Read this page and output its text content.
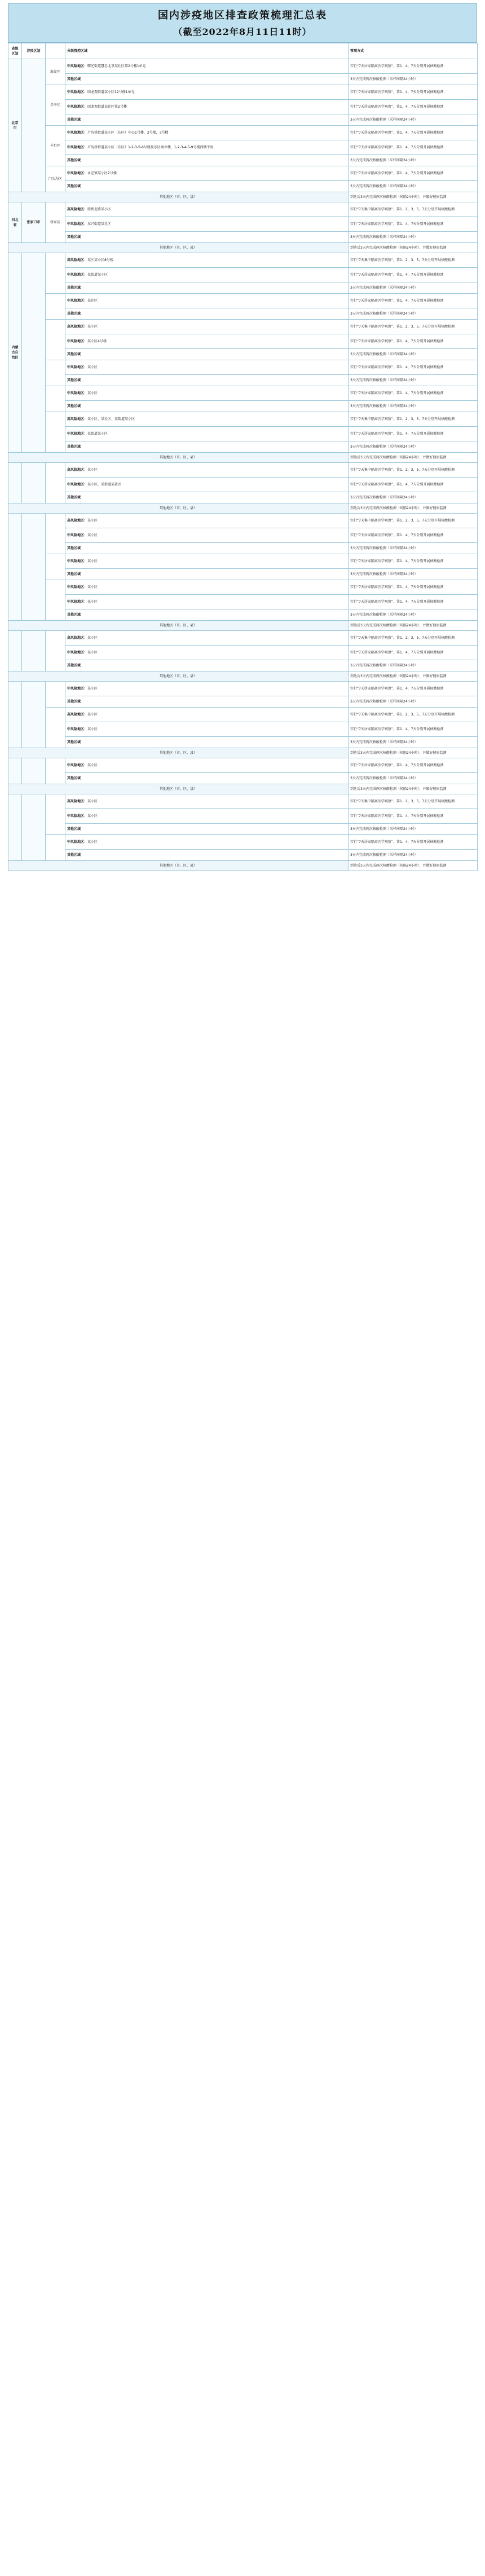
国内涉疫地区排查政策梳理汇总表
（截至2022年8月11日11时）
省级区划	涉疫区划		分级管控区域	管理方式
北京市		海淀区	中风险地区：曙光街道慧忠北里某社区第2号楼1单元	实行“7天居家隔离医学观察”，第1、4、7天分别开展核酸检测
			其他区域	3天内完成两次核酸检测（采样间隔24小时）
		昌平区	中风险地区：回龙观街道某小区12号楼1单元	实行“7天居家隔离医学观察”，第1、4、7天分别开展核酸检测
			中风险地区：回龙观街道某社区第2号楼	实行“7天居家隔离医学观察”，第1、4、7天分别开展核酸检测
			其他区域	3天内完成两次核酸检测（采样间隔24小时）
		丰台区	中风险地区：卢沟桥街道某小区（东区）中心1号楼，2号楼，3号楼	实行“7天居家隔离医学观察”，第1、4、7天分别开展核酸检测
			中风险地区：卢沟桥街道某小区（东区）1-2-3-5-6号楼及东区商业楼、1-2-3-4-5-9号楼西侧平房	实行“7天居家隔离医学观察”，第1、4、7天分别开展核酸检测
			其他区域	3天内完成两次核酸检测（采样间隔24小时）
		门头沟区	中风险地区：永定镇某小区2号楼	实行“7天居家隔离医学观察”，第1、4、7天分别开展核酸检测
			其他区域	3天内完成两次核酸检测（采样间隔24小时）
其他地区（市、区、县）				到达后3天内完成两次核酸检测（间隔24小时），并做好健康监测
河北省	张家口市	桥东区	高风险地区：胜利北路某小区	实行“7天集中隔离医学观察”，第1、2、3、5、7天分别开展核酸检测
			中风险地区：东兴街道某社区	实行“7天居家隔离医学观察”，第1、4、7天分别开展核酸检测
			其他区域	3天内完成两次核酸检测（采样间隔24小时）
其他地区（市、区、县）				到达后3天内完成两次核酸检测（间隔24小时），并做好健康监测
内蒙古自治区			高风险地区：某区某小区8号楼	实行“7天集中隔离医学观察”，第1、2、3、5、7天分别开展核酸检测
			中风险地区：某街道某小区	实行“7天居家隔离医学观察”，第1、4、7天分别开展核酸检测
			其他区域	3天内完成两次核酸检测（采样间隔24小时）
			中风险地区：某社区	实行“7天居家隔离医学观察”，第1、4、7天分别开展核酸检测
			其他区域	3天内完成两次核酸检测（采样间隔24小时）
			高风险地区：某小区	实行“7天集中隔离医学观察”，第1、2、3、5、7天分别开展核酸检测
			中风险地区：某小区4号楼	实行“7天居家隔离医学观察”，第1、4、7天分别开展核酸检测
			其他区域	3天内完成两次核酸检测（采样间隔24小时）
			中风险地区：某小区	实行“7天居家隔离医学观察”，第1、4、7天分别开展核酸检测
			其他区域	3天内完成两次核酸检测（采样间隔24小时）
			中风险地区：某小区	实行“7天居家隔离医学观察”，第1、4、7天分别开展核酸检测
			其他区域	3天内完成两次核酸检测（采样间隔24小时）
			高风险地区：某小区、某社区、某街道某小区	实行“7天集中隔离医学观察”，第1、2、3、5、7天分别开展核酸检测
			中风险地区：某街道某小区	实行“7天居家隔离医学观察”，第1、4、7天分别开展核酸检测
			其他区域	3天内完成两次核酸检测（采样间隔24小时）
其他地区（市、区、县）				到达后3天内完成两次核酸检测（间隔24小时），并做好健康监测
			高风险地区：某小区	实行“7天集中隔离医学观察”，第1、2、3、5、7天分别开展核酸检测
			中风险地区：某小区、某街道某社区	实行“7天居家隔离医学观察”，第1、4、7天分别开展核酸检测
			其他区域	3天内完成两次核酸检测（采样间隔24小时）
其他地区（市、区、县）				到达后3天内完成两次核酸检测（间隔24小时），并做好健康监测
			高风险地区：某小区	实行“7天集中隔离医学观察”，第1、2、3、5、7天分别开展核酸检测
			中风险地区：某小区	实行“7天居家隔离医学观察”，第1、4、7天分别开展核酸检测
			其他区域	3天内完成两次核酸检测（采样间隔24小时）
			中风险地区：某小区	实行“7天居家隔离医学观察”，第1、4、7天分别开展核酸检测
			其他区域	3天内完成两次核酸检测（采样间隔24小时）
			中风险地区：某小区	实行“7天居家隔离医学观察”，第1、4、7天分别开展核酸检测
			中风险地区：某小区	实行“7天居家隔离医学观察”，第1、4、7天分别开展核酸检测
			其他区域	3天内完成两次核酸检测（采样间隔24小时）
其他地区（市、区、县）				到达后3天内完成两次核酸检测（间隔24小时），并做好健康监测
			高风险地区：某小区	实行“7天集中隔离医学观察”，第1、2、3、5、7天分别开展核酸检测
			中风险地区：某小区	实行“7天居家隔离医学观察”，第1、4、7天分别开展核酸检测
			其他区域	3天内完成两次核酸检测（采样间隔24小时）
其他地区（市、区、县）				到达后3天内完成两次核酸检测（间隔24小时），并做好健康监测
			中风险地区：某小区	实行“7天居家隔离医学观察”，第1、4、7天分别开展核酸检测
			其他区域	3天内完成两次核酸检测（采样间隔24小时）
			高风险地区：某小区	实行“7天集中隔离医学观察”，第1、2、3、5、7天分别开展核酸检测
			中风险地区：某小区	实行“7天居家隔离医学观察”，第1、4、7天分别开展核酸检测
			其他区域	3天内完成两次核酸检测（采样间隔24小时）
其他地区（市、区、县）				到达后3天内完成两次核酸检测（间隔24小时），并做好健康监测
			中风险地区：某小区	实行“7天居家隔离医学观察”，第1、4、7天分别开展核酸检测
			其他区域	3天内完成两次核酸检测（采样间隔24小时）
其他地区（市、区、县）				到达后3天内完成两次核酸检测（间隔24小时），并做好健康监测
			高风险地区：某小区	实行“7天集中隔离医学观察”，第1、2、3、5、7天分别开展核酸检测
			中风险地区：某小区	实行“7天居家隔离医学观察”，第1、4、7天分别开展核酸检测
			其他区域	3天内完成两次核酸检测（采样间隔24小时）
			中风险地区：某小区	实行“7天居家隔离医学观察”，第1、4、7天分别开展核酸检测
			其他区域	3天内完成两次核酸检测（采样间隔24小时）
其他地区（市、区、县）				到达后3天内完成两次核酸检测（间隔24小时），并做好健康监测
